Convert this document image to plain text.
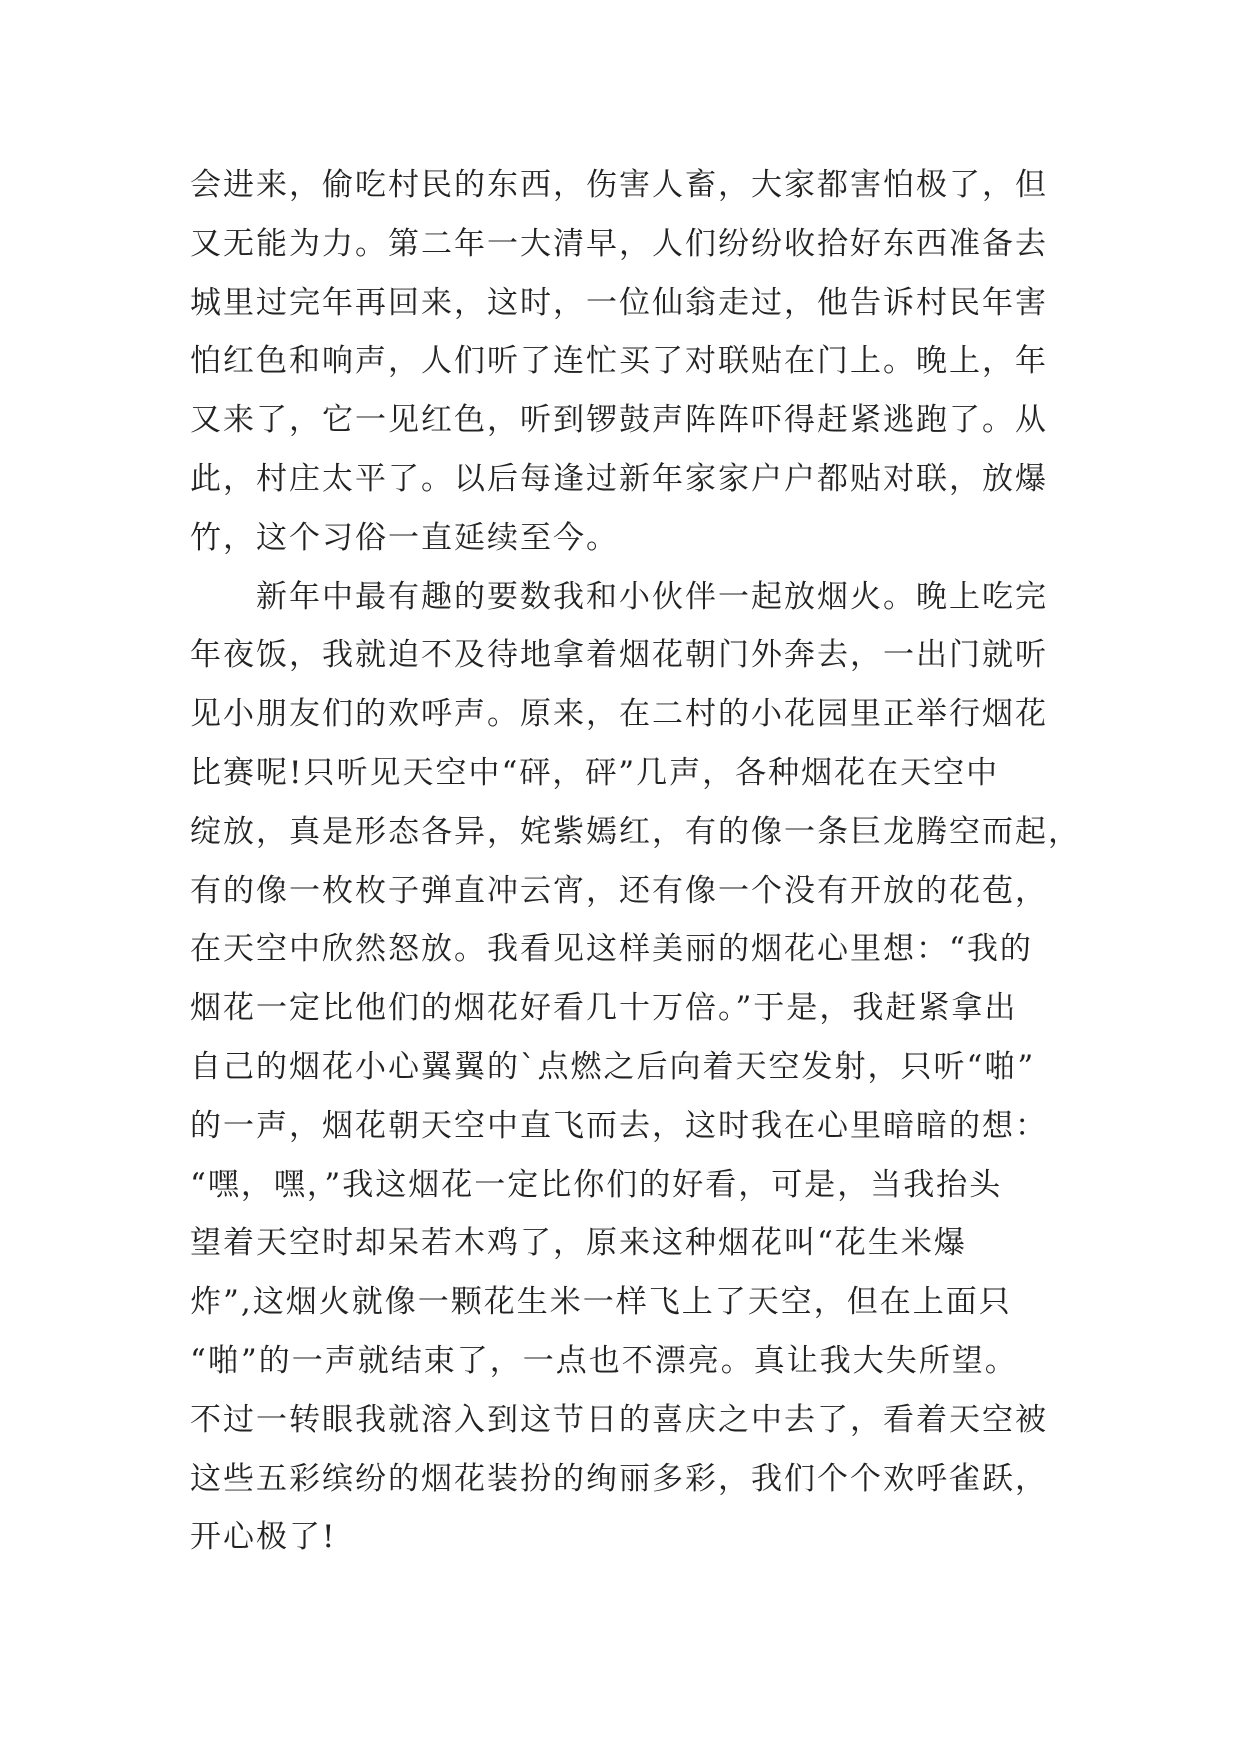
会进来，偷吃村民的东西，伤害人畜，大家都害怕极了，但
又无能为力。第二年一大清早，人们纷纷收拾好东西准备去
城里过完年再回来，这时，一位仙翁走过，他告诉村民年害
怕红色和响声，人们听了连忙买了对联贴在门上。晚上，年
又来了，它一见红色，听到锣鼓声阵阵吓得赶紧逃跑了。从
此，村庄太平了。以后每逢过新年家家户户都贴对联，放爆
竹，这个习俗一直延续至今。
　　新年中最有趣的要数我和小伙伴一起放烟火。晚上吃完
年夜饭，我就迫不及待地拿着烟花朝门外奔去，一出门就听
见小朋友们的欢呼声。原来，在二村的小花园里正举行烟花
比赛呢!只听见天空中“砰，砰”几声，各种烟花在天空中
绽放，真是形态各异，姹紫嫣红，有的像一条巨龙腾空而起，
有的像一枚枚子弹直冲云宵，还有像一个没有开放的花苞，
在天空中欣然怒放。我看见这样美丽的烟花心里想：“我的
烟花一定比他们的烟花好看几十万倍。”于是，我赶紧拿出
自己的烟花小心翼翼的`点燃之后向着天空发射，只听“啪”
的一声，烟花朝天空中直飞而去，这时我在心里暗暗的想：
“嘿，嘿，”我这烟花一定比你们的好看，可是，当我抬头
望着天空时却呆若木鸡了，原来这种烟花叫“花生米爆
炸”,这烟火就像一颗花生米一样飞上了天空，但在上面只
“啪”的一声就结束了，一点也不漂亮。真让我大失所望。
不过一转眼我就溶入到这节日的喜庆之中去了，看着天空被
这些五彩缤纷的烟花装扮的绚丽多彩，我们个个欢呼雀跃，
开心极了!
